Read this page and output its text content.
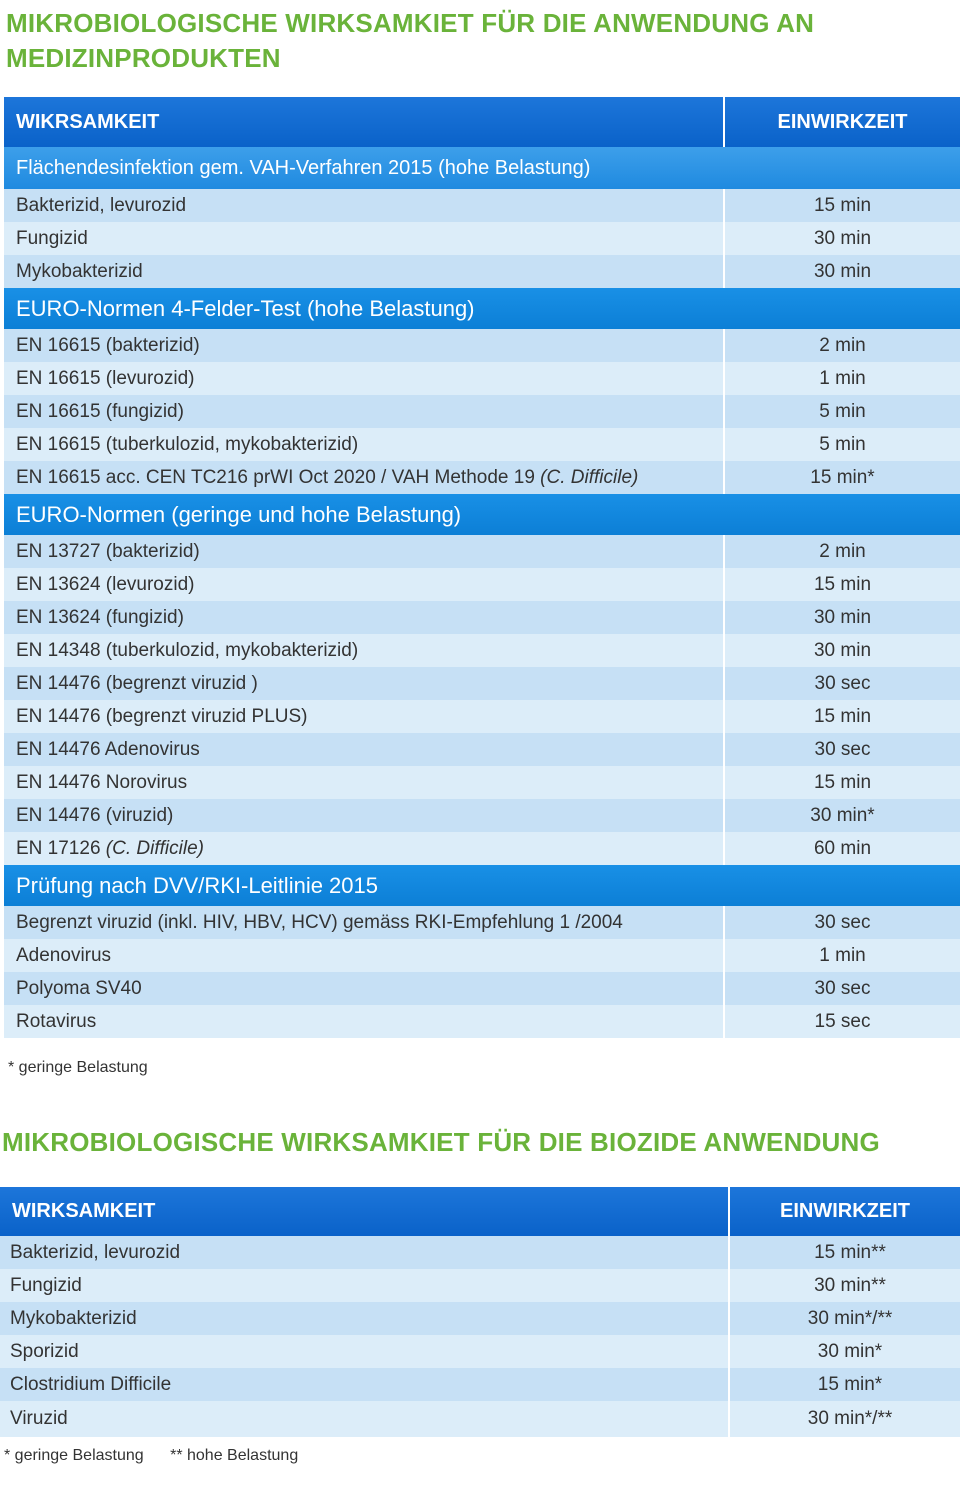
MIKROBIOLOGISCHE WIRKSAMKIET FÜR DIE ANWENDUNG AN MEDIZINPRODUKTEN
WIKRSAMKEIT	EINWIRKZEIT
Flächendesinfektion gem. VAH-Verfahren 2015 (hohe Belastung)	
Bakterizid, levurozid	15 min
Fungizid	30 min
Mykobakterizid	30 min
EURO-Normen 4-Felder-Test (hohe Belastung)	
EN 16615 (bakterizid)	2 min
EN 16615 (levurozid)	1 min
EN 16615 (fungizid)	5 min
EN 16615 (tuberkulozid, mykobakterizid)	5 min
EN 16615 acc. CEN TC216 prWI Oct 2020 / VAH Methode 19 (C. Difficile)	15 min*
EURO-Normen (geringe und hohe Belastung)	
EN 13727 (bakterizid)	2 min
EN 13624 (levurozid)	15 min
EN 13624 (fungizid)	30 min
EN 14348 (tuberkulozid, mykobakterizid)	30 min
EN 14476 (begrenzt viruzid )	30 sec
EN 14476 (begrenzt viruzid PLUS)	15 min
EN 14476 Adenovirus	30 sec
EN 14476 Norovirus	15 min
EN 14476 (viruzid)	30 min*
EN 17126 (C. Difficile)	60 min
Prüfung nach DVV/RKI-Leitlinie 2015	
Begrenzt viruzid (inkl. HIV, HBV, HCV) gemäss RKI-Empfehlung 1 /2004	30 sec
Adenovirus	1 min
Polyoma SV40	30 sec
Rotavirus	15 sec
* geringe Belastung
MIKROBIOLOGISCHE WIRKSAMKIET FÜR DIE BIOZIDE ANWENDUNG
WIRKSAMKEIT	EINWIRKZEIT
Bakterizid, levurozid	15 min**
Fungizid	30 min**
Mykobakterizid	30 min*/**
Sporizid	30 min*
Clostridium Difficile	15 min*
Viruzid	30 min*/**
* geringe Belastung ** hohe Belastung
